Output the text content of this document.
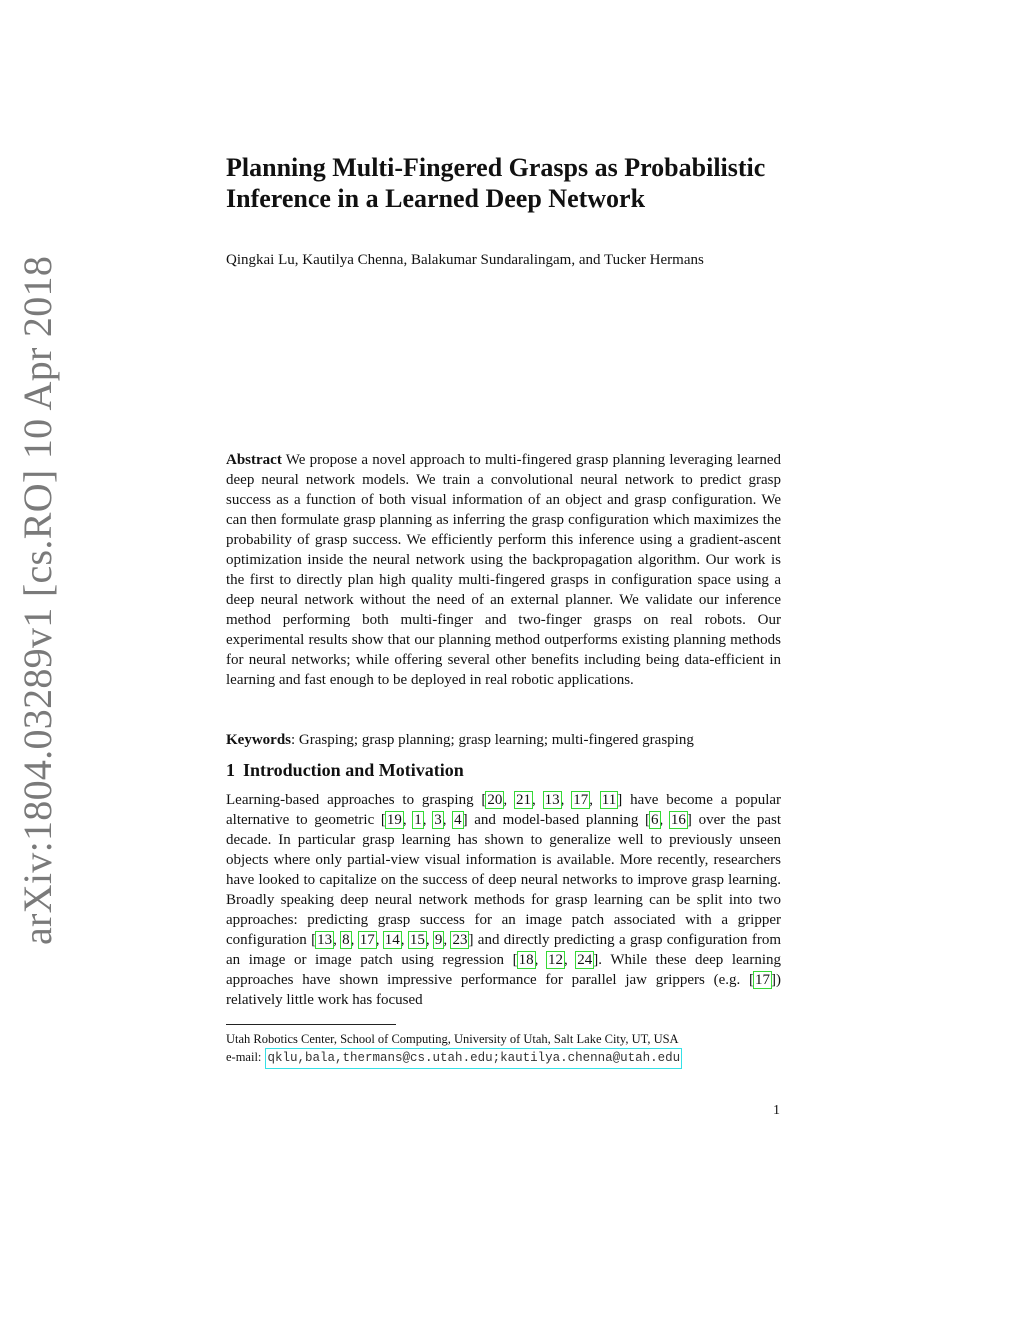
arXiv:1804.03289v1 [cs.RO] 10 Apr 2018
Planning Multi-Fingered Grasps as Probabilistic
Inference in a Learned Deep Network
Qingkai Lu, Kautilya Chenna, Balakumar Sundaralingam, and Tucker Hermans

Abstract We propose a novel approach to multi-fingered grasp planning leveraging learned deep neural network models. We train a convolutional neural network to predict grasp success as a function of both visual information of an object and grasp configuration. We can then formulate grasp planning as inferring the grasp configuration which maximizes the probability of grasp success. We efficiently perform this inference using a gradient-ascent optimization inside the neural network using the backpropagation algorithm. Our work is the first to directly plan high quality multi-fingered grasps in configuration space using a deep neural network without the need of an external planner. We validate our inference method performing both multi-finger and two-finger grasps on real robots. Our experimental results show that our planning method outperforms existing planning methods for neural networks; while offering several other benefits including being data-efficient in learning and fast enough to be deployed in real robotic applications.

Keywords: Grasping; grasp planning; grasp learning; multi-fingered grasping
1 Introduction and Motivation

Learning-based approaches to grasping [20, 21, 13, 17, 11] have become a popular alternative to geometric [19, 1, 3, 4] and model-based planning [6, 16] over the past decade. In particular grasp learning has shown to generalize well to previously unseen objects where only partial-view visual information is available. More recently, researchers have looked to capitalize on the success of deep neural networks to improve grasp learning. Broadly speaking deep neural network methods for grasp learning can be split into two approaches: predicting grasp success for an image patch associated with a gripper configuration [13, 8, 17, 14, 15, 9, 23] and directly predicting a grasp configuration from an image or image patch using regression [18, 12, 24]. While these deep learning approaches have shown impressive performance for parallel jaw grippers (e.g. [17]) relatively little work has focused

Utah Robotics Center, School of Computing, University of Utah, Salt Lake City, UT, USA
e-mail: qklu,bala,thermans@cs.utah.edu;kautilya.chenna@utah.edu
1
